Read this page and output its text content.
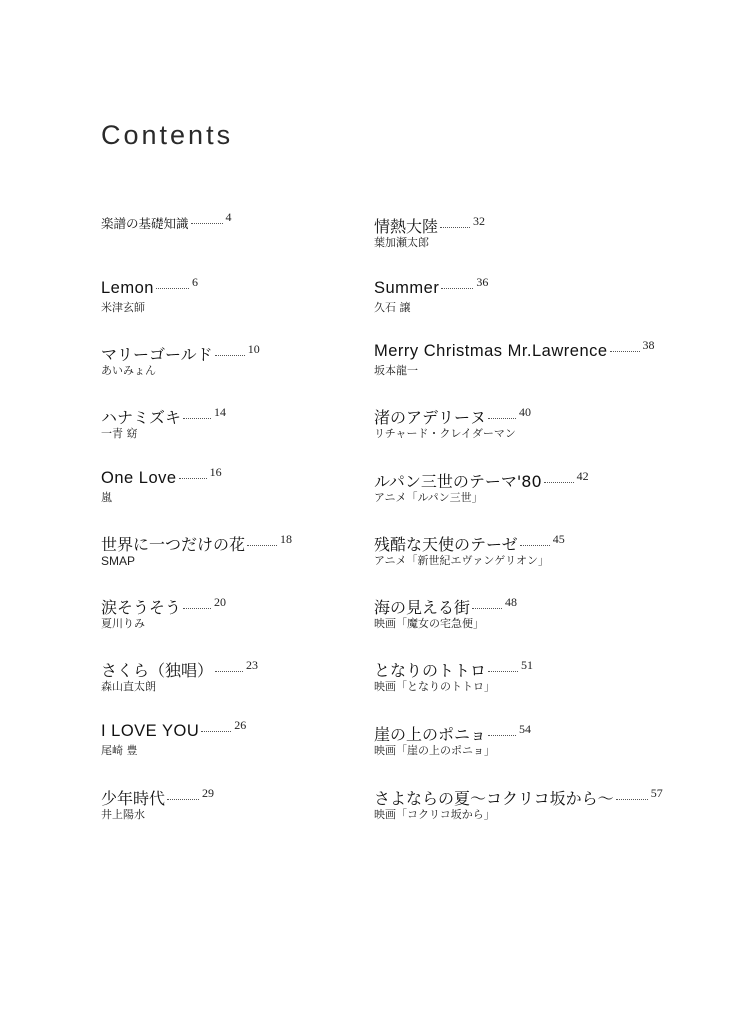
Contents
楽譜の基礎知識	4
Lemon	6
米津玄師
マリーゴールド	10
あいみょん
ハナミズキ	14
一青 窈
One Love	16
嵐
世界に一つだけの花	18
SMAP
涙そうそう	20
夏川りみ
さくら（独唱）	23
森山直太朗
I LOVE YOU	26
尾崎 豊
少年時代	29
井上陽水
情熱大陸	32
葉加瀬太郎
Summer	36
久石 譲
Merry Christmas Mr.Lawrence	38
坂本龍一
渚のアデリーヌ	40
リチャード・クレイダーマン
ルパン三世のテーマ'80	42
アニメ「ルパン三世」
残酷な天使のテーゼ	45
アニメ「新世紀エヴァンゲリオン」
海の見える街	48
映画「魔女の宅急便」
となりのトトロ	51
映画「となりのトトロ」
崖の上のポニョ	54
映画「崖の上のポニョ」
さよならの夏〜コクリコ坂から〜	57
映画「コクリコ坂から」
